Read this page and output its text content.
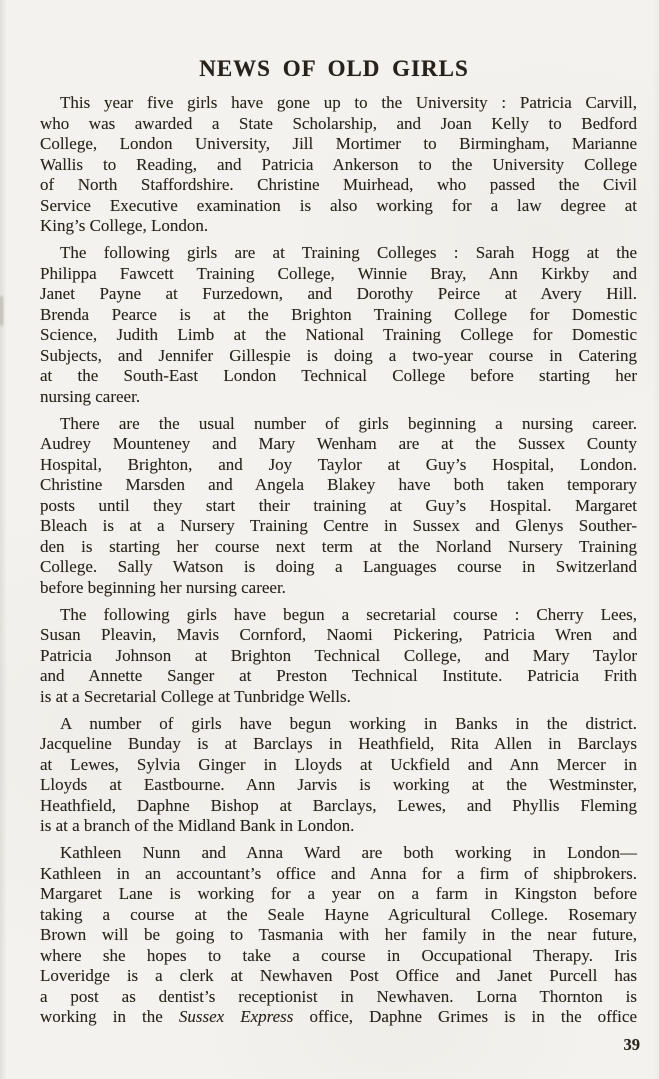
NEWS OF OLD GIRLS

This year five girls have gone up to the University : Patricia Carvill,
who was awarded a State Scholarship, and Joan Kelly to Bedford
College, London University, Jill Mortimer to Birmingham, Marianne
Wallis to Reading, and Patricia Ankerson to the University College
of North Staffordshire. Christine Muirhead, who passed the Civil
Service Executive examination is also working for a law degree at
King’s College, London.

The following girls are at Training Colleges : Sarah Hogg at the
Philippa Fawcett Training College, Winnie Bray, Ann Kirkby and
Janet Payne at Furzedown, and Dorothy Peirce at Avery Hill.
Brenda Pearce is at the Brighton Training College for Domestic
Science, Judith Limb at the National Training College for Domestic
Subjects, and Jennifer Gillespie is doing a two-year course in Catering
at the South-East London Technical College before starting her
nursing career.

There are the usual number of girls beginning a nursing career.
Audrey Mounteney and Mary Wenham are at the Sussex County
Hospital, Brighton, and Joy Taylor at Guy’s Hospital, London.
Christine Marsden and Angela Blakey have both taken temporary
posts until they start their training at Guy’s Hospital. Margaret
Bleach is at a Nursery Training Centre in Sussex and Glenys Souther-
den is starting her course next term at the Norland Nursery Training
College. Sally Watson is doing a Languages course in Switzerland
before beginning her nursing career.

The following girls have begun a secretarial course : Cherry Lees,
Susan Pleavin, Mavis Cornford, Naomi Pickering, Patricia Wren and
Patricia Johnson at Brighton Technical College, and Mary Taylor
and Annette Sanger at Preston Technical Institute. Patricia Frith
is at a Secretarial College at Tunbridge Wells.

A number of girls have begun working in Banks in the district.
Jacqueline Bunday is at Barclays in Heathfield, Rita Allen in Barclays
at Lewes, Sylvia Ginger in Lloyds at Uckfield and Ann Mercer in
Lloyds at Eastbourne. Ann Jarvis is working at the Westminster,
Heathfield, Daphne Bishop at Barclays, Lewes, and Phyllis Fleming
is at a branch of the Midland Bank in London.

Kathleen Nunn and Anna Ward are both working in London—
Kathleen in an accountant’s office and Anna for a firm of shipbrokers.
Margaret Lane is working for a year on a farm in Kingston before
taking a course at the Seale Hayne Agricultural College. Rosemary
Brown will be going to Tasmania with her family in the near future,
where she hopes to take a course in Occupational Therapy. Iris
Loveridge is a clerk at Newhaven Post Office and Janet Purcell has
a post as dentist’s receptionist in Newhaven. Lorna Thornton is
working in the Sussex Express office, Daphne Grimes is in the office

39
